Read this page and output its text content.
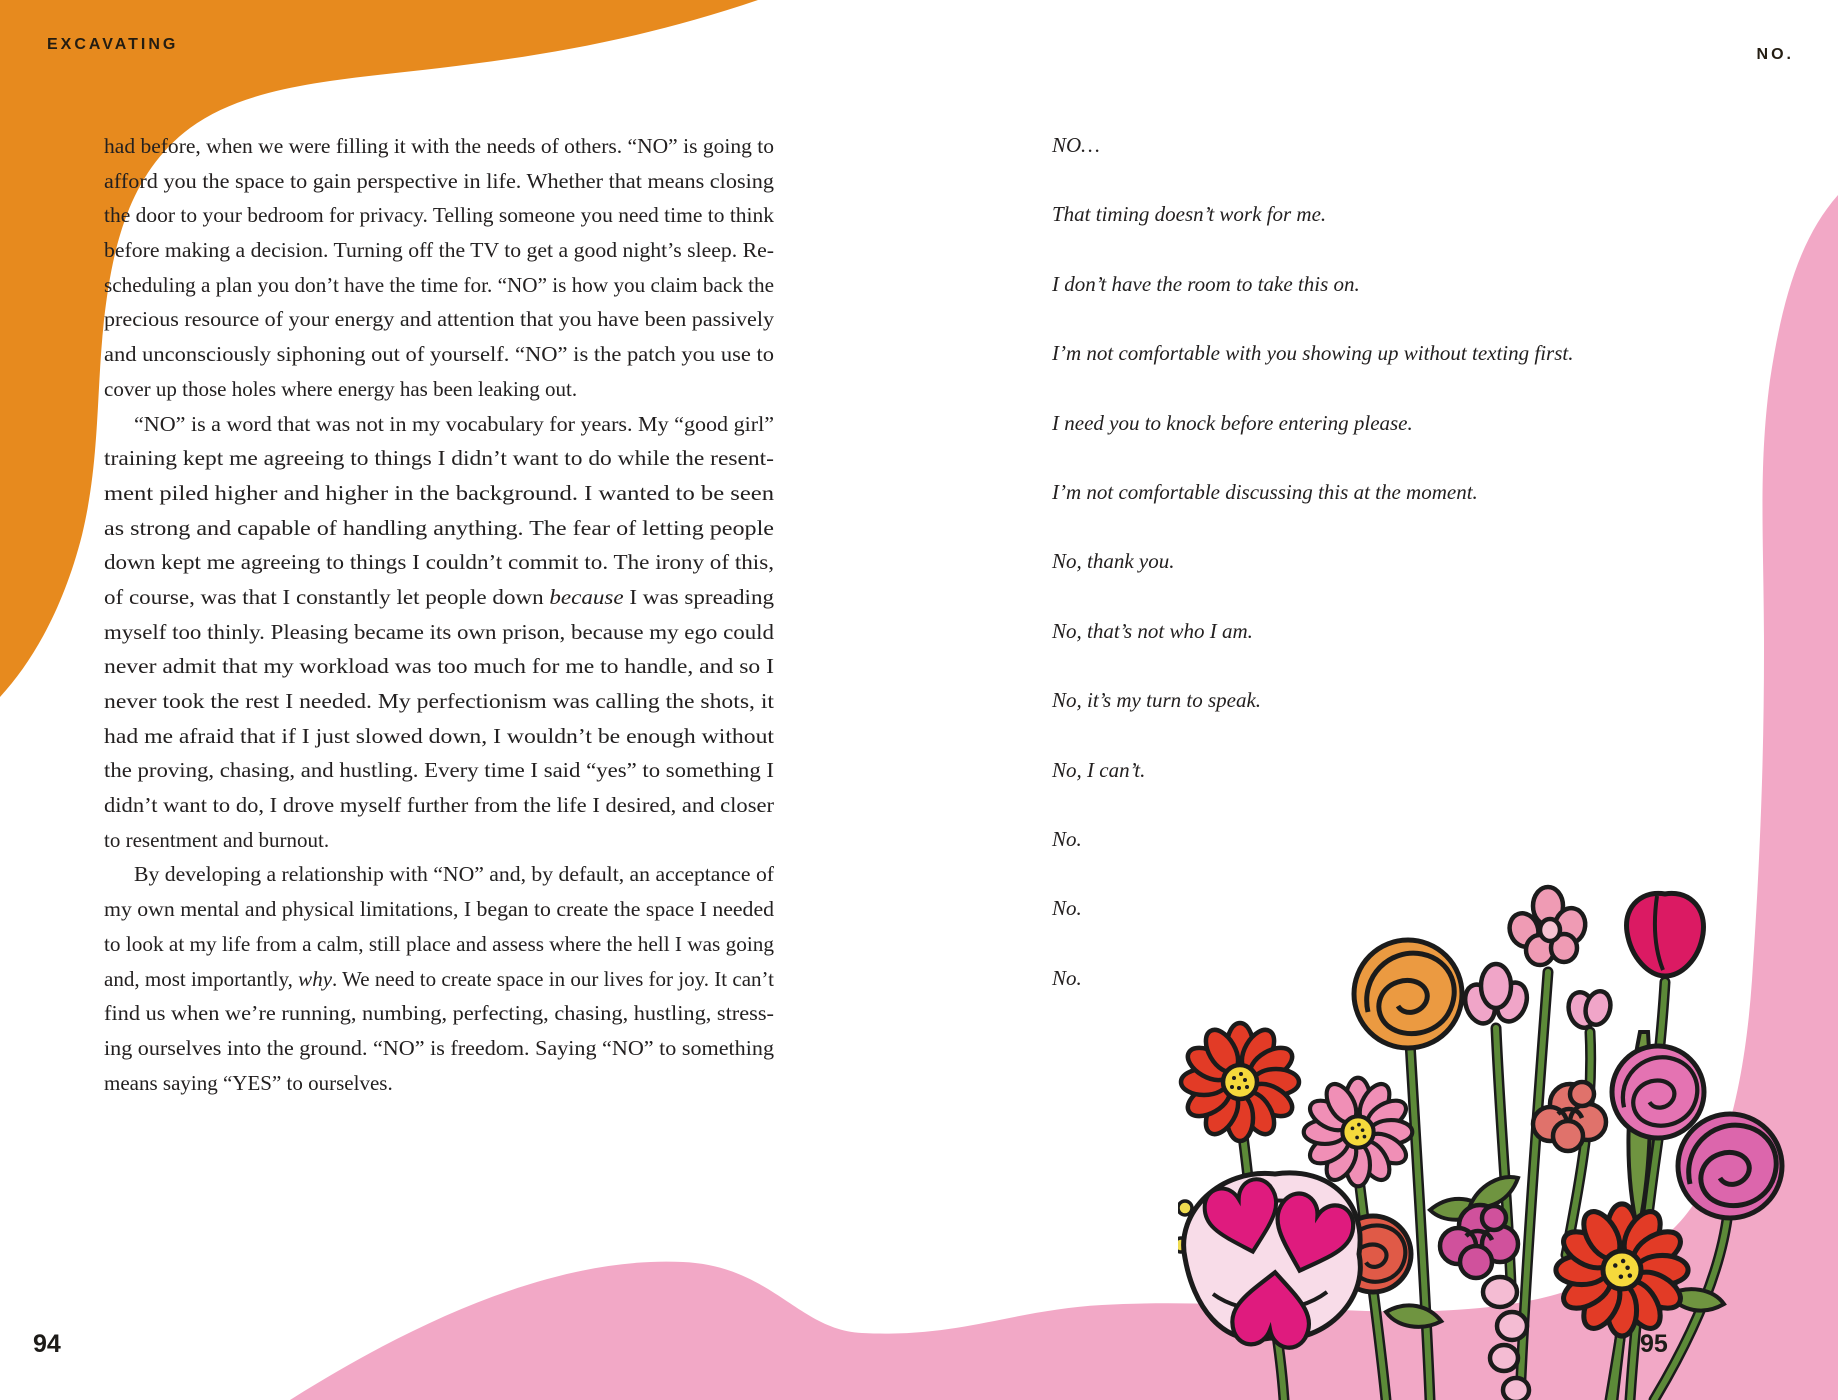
EXCAVATING
NO.
had before, when we were filling it with the needs of others. “NO” is going to
afford you the space to gain perspective in life. Whether that means closing
the door to your bedroom for privacy. Telling someone you need time to think
before making a decision. Turning off the TV to get a good night’s sleep. Re-
scheduling a plan you don’t have the time for. “NO” is how you claim back the
precious resource of your energy and attention that you have been passively
and unconsciously siphoning out of yourself. “NO” is the patch you use to
cover up those holes where energy has been leaking out.
“NO” is a word that was not in my vocabulary for years. My “good girl”
training kept me agreeing to things I didn’t want to do while the resent-
ment piled higher and higher in the background. I wanted to be seen
as strong and capable of handling anything. The fear of letting people
down kept me agreeing to things I couldn’t commit to. The irony of this,
of course, was that I constantly let people down because I was spreading
myself too thinly. Pleasing became its own prison, because my ego could
never admit that my workload was too much for me to handle, and so I
never took the rest I needed. My perfectionism was calling the shots, it
had me afraid that if I just slowed down, I wouldn’t be enough without
the proving, chasing, and hustling. Every time I said “yes” to something I
didn’t want to do, I drove myself further from the life I desired, and closer
to resentment and burnout.
By developing a relationship with “NO” and, by default, an acceptance of
my own mental and physical limitations, I began to create the space I needed
to look at my life from a calm, still place and assess where the hell I was going
and, most importantly, why. We need to create space in our lives for joy. It can’t
find us when we’re running, numbing, perfecting, chasing, hustling, stress-
ing ourselves into the ground. “NO” is freedom. Saying “NO” to something
means saying “YES” to ourselves.
NO…
That timing doesn’t work for me.
I don’t have the room to take this on.
I’m not comfortable with you showing up without texting first.
I need you to knock before entering please.
I’m not comfortable discussing this at the moment.
No, thank you.
No, that’s not who I am.
No, it’s my turn to speak.
No, I can’t.
No.
No.
No.
94	95
